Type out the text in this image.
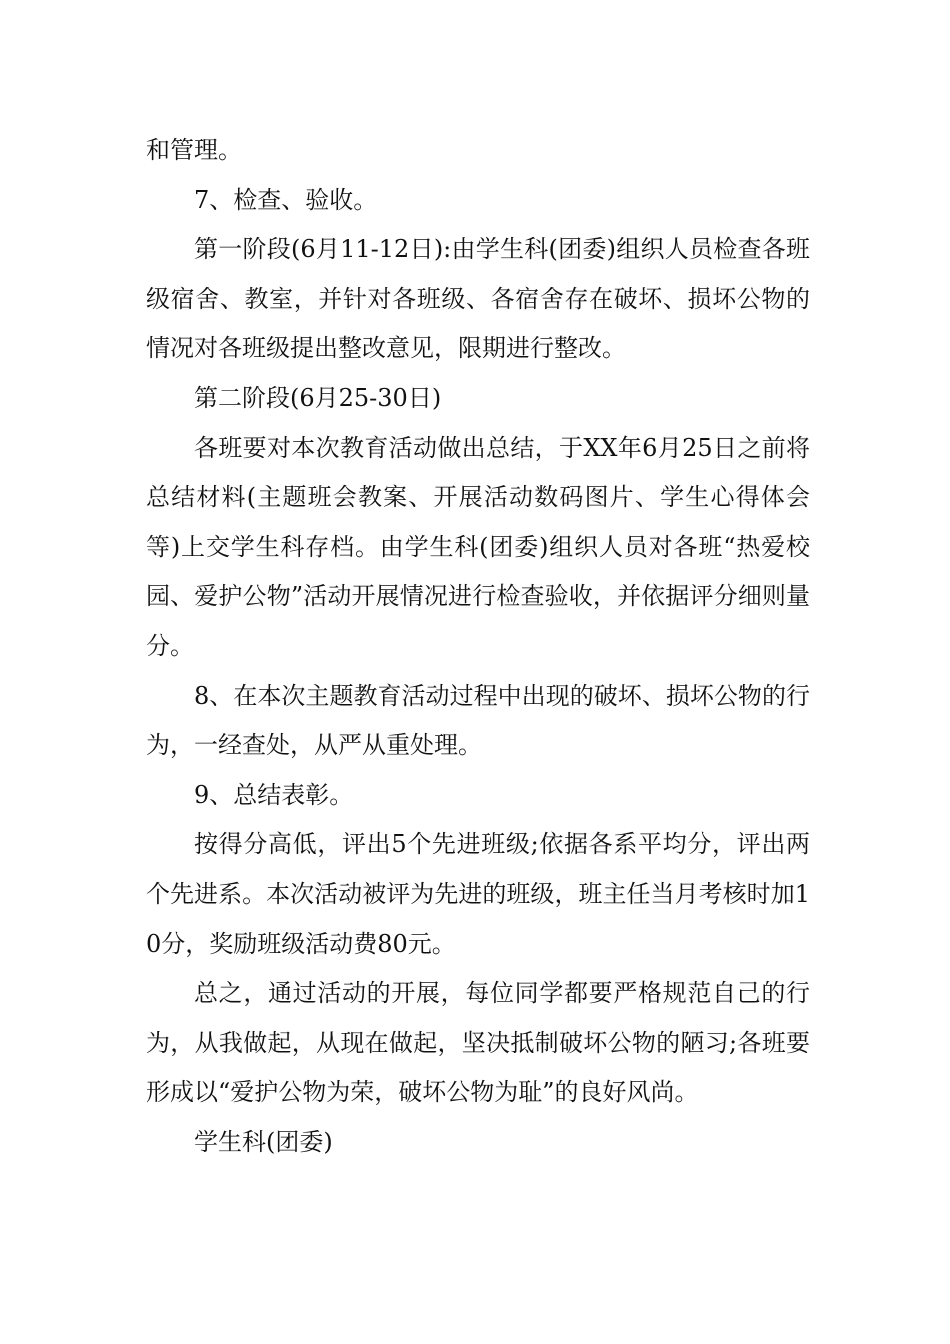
和管理。

7、检查、验收。

第一阶段(6月11-12日):由学生科(团委)组织人员检查各班级宿舍、教室，并针对各班级、各宿舍存在破坏、损坏公物的情况对各班级提出整改意见，限期进行整改。

第二阶段(6月25-30日)

各班要对本次教育活动做出总结，于XX年6月25日之前将总结材料(主题班会教案、开展活动数码图片、学生心得体会等)上交学生科存档。由学生科(团委)组织人员对各班“热爱校园、爱护公物”活动开展情况进行检查验收，并依据评分细则量分。

8、在本次主题教育活动过程中出现的破坏、损坏公物的行为，一经查处，从严从重处理。

9、总结表彰。

按得分高低，评出5个先进班级;依据各系平均分，评出两个先进系。本次活动被评为先进的班级，班主任当月考核时加10分，奖励班级活动费80元。

总之，通过活动的开展，每位同学都要严格规范自己的行为，从我做起，从现在做起，坚决抵制破坏公物的陋习;各班要形成以“爱护公物为荣，破坏公物为耻”的良好风尚。

学生科(团委)
